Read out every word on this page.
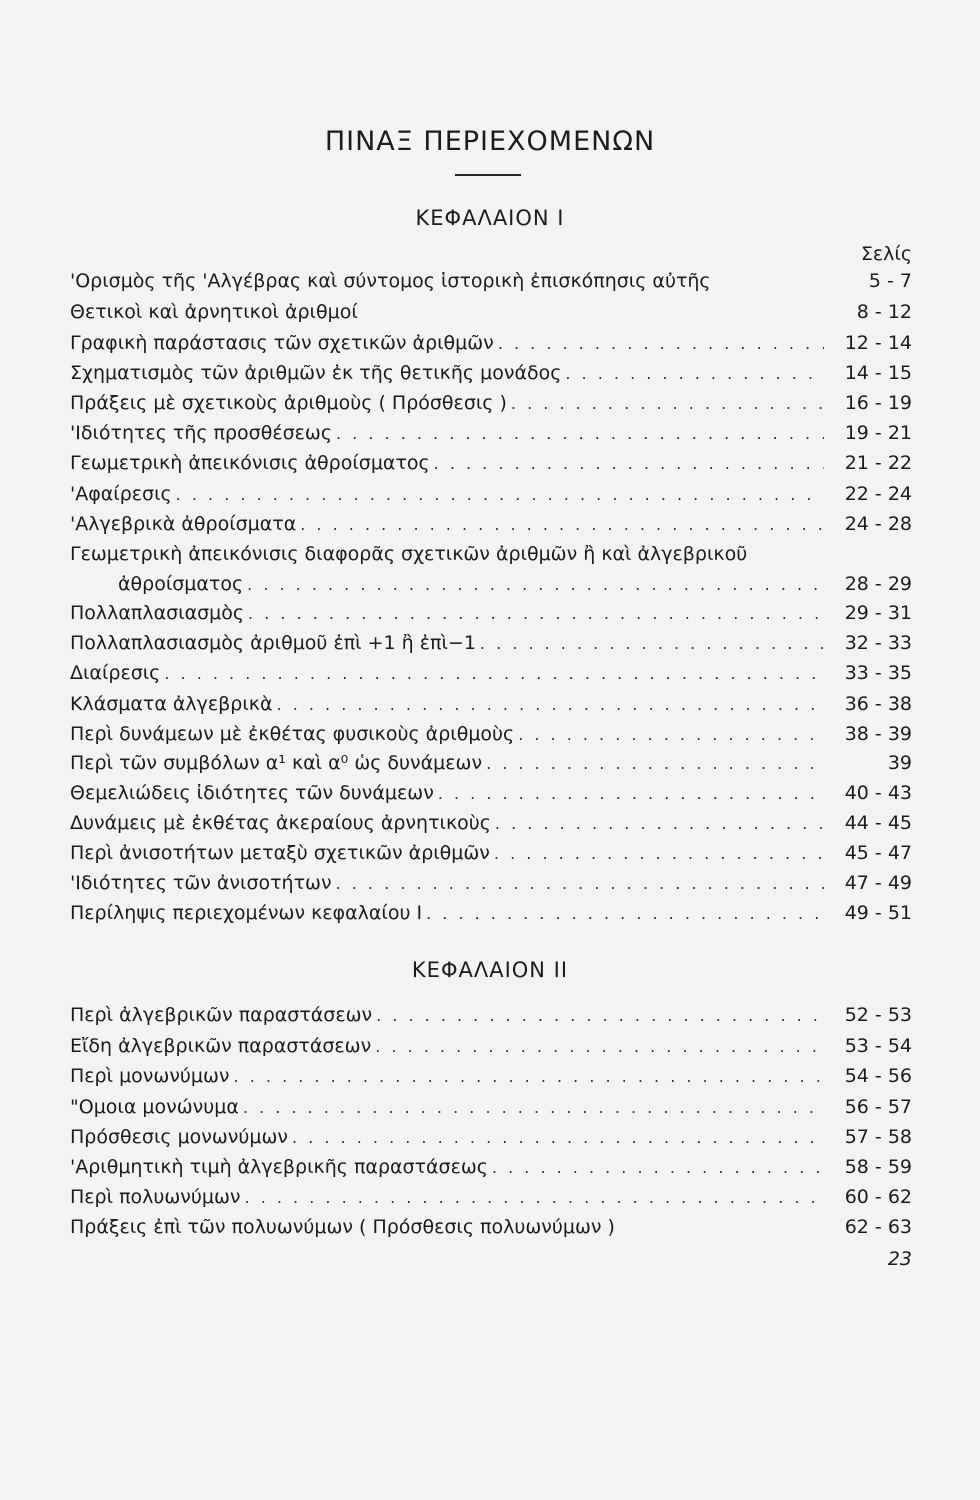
ΠΙΝΑΞ ΠΕΡΙΕΧΟΜΕΝΩΝ
ΚΕΦΑΛΑΙΟΝ Ι
Σελίς
'Ορισμὸς τῆς 'Αλγέβρας καὶ σύντομος ἱστορικὴ ἐπισκόπησις αὐτῆς	5 - 7
Θετικοὶ καὶ ἀρνητικοὶ ἀριθμοί	8 - 12
Γραφικὴ παράστασις τῶν σχετικῶν ἀριθμῶν . . .	12 - 14
Σχηματισμὸς τῶν ἀριθμῶν ἐκ τῆς θετικῆς μονάδος . . .	14 - 15
Πράξεις μὲ σχετικοὺς ἀριθμοὺς ( Πρόσθεσις ) . . .	16 - 19
'Ιδιότητες τῆς προσθέσεως . . .	19 - 21
Γεωμετρικὴ ἀπεικόνισις ἀθροίσματος . . .	21 - 22
'Αφαίρεσις . . .	22 - 24
'Αλγεβρικὰ ἀθροίσματα . . .	24 - 28
Γεωμετρικὴ ἀπεικόνισις διαφορᾶς σχετικῶν ἀριθμῶν ἢ καὶ ἀλγεβρικοῦ
ἀθροίσματος . . .	28 - 29
Πολλαπλασιασμὸς . . .	29 - 31
Πολλαπλασιασμὸς ἀριθμοῦ ἐπὶ +1 ἢ ἐπὶ−1 . . .	32 - 33
Διαίρεσις . . .	33 - 35
Κλάσματα ἀλγεβρικὰ . . .	36 - 38
Περὶ δυνάμεων μὲ ἐκθέτας φυσικοὺς ἀριθμοὺς . . .	38 - 39
Περὶ τῶν συμβόλων α¹ καὶ α⁰ ὡς δυνάμεων . . .	39
Θεμελιώδεις ἰδιότητες τῶν δυνάμεων . . .	40 - 43
Δυνάμεις μὲ ἐκθέτας ἀκεραίους ἀρνητικοὺς . . .	44 - 45
Περὶ ἀνισοτήτων μεταξὺ σχετικῶν ἀριθμῶν . . .	45 - 47
'Ιδιότητες τῶν ἀνισοτήτων . . .	47 - 49
Περίληψις περιεχομένων κεφαλαίου Ι . . .	49 - 51
ΚΕΦΑΛΑΙΟΝ ΙΙ
Περὶ ἀλγεβρικῶν παραστάσεων . . .	52 - 53
Εἴδη ἀλγεβρικῶν παραστάσεων . . .	53 - 54
Περὶ μονωνύμων . . .	54 - 56
"Ομοια μονώνυμα . . .	56 - 57
Πρόσθεσις μονωνύμων . . .	57 - 58
'Αριθμητικὴ τιμὴ ἀλγεβρικῆς παραστάσεως . . .	58 - 59
Περὶ πολυωνύμων . . .	60 - 62
Πράξεις ἐπὶ τῶν πολυωνύμων ( Πρόσθεσις πολυωνύμων )	62 - 63
23
